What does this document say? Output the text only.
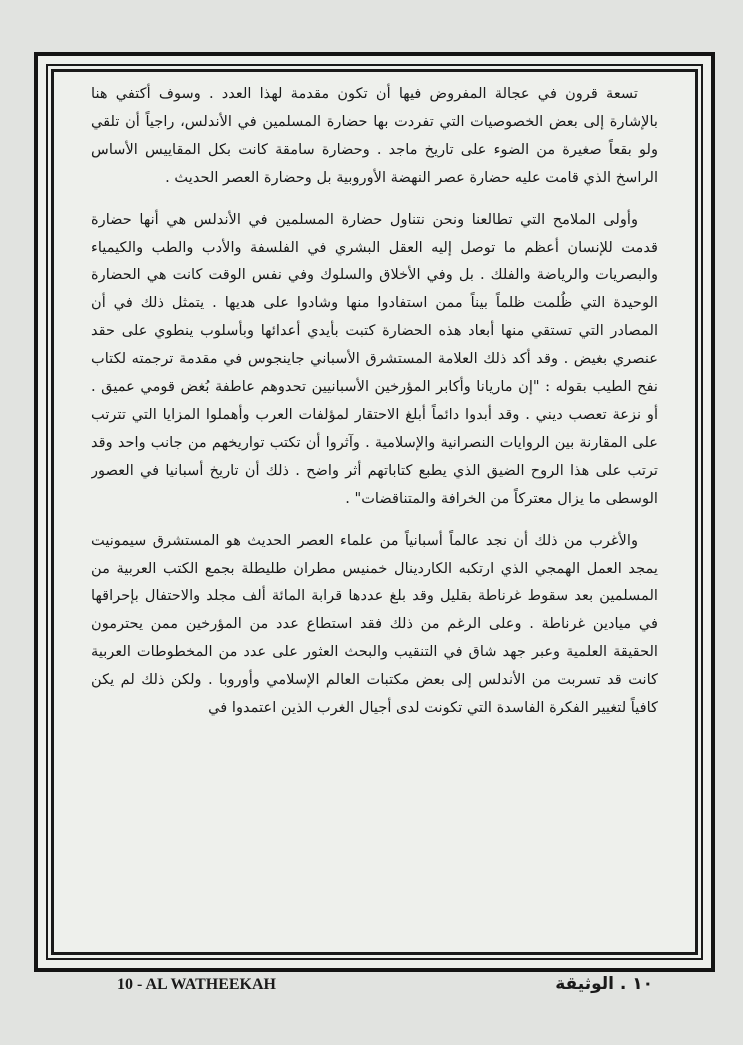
تسعة قرون في عجالة المفروض فيها أن تكون مقدمة لهذا العدد . وسوف أكتفي هنا بالإشارة إلى بعض الخصوصيات التي تفردت بها حضارة المسلمين في الأندلس، راجياً أن تلقي ولو بقعاً صغيرة من الضوء على تاريخ ماجد . وحضارة سامقة كانت بكل المقاييس الأساس الراسخ الذي قامت عليه حضارة عصر النهضة الأوروبية بل وحضارة العصر الحديث .

وأولى الملامح التي تطالعنا ونحن نتناول حضارة المسلمين في الأندلس هي أنها حضارة قدمت للإنسان أعظم ما توصل إليه العقل البشري في الفلسفة والأدب والطب والكيمياء والبصريات والرياضة والفلك . بل وفي الأخلاق والسلوك وفي نفس الوقت كانت هي الحضارة الوحيدة التي ظُلمت ظلماً بيناً ممن استفادوا منها وشادوا على هديها . يتمثل ذلك في أن المصادر التي تستقي منها أبعاد هذه الحضارة كتبت بأيدي أعدائها وبأسلوب ينطوي على حقد عنصري بغيض . وقد أكد ذلك العلامة المستشرق الأسباني جاينجوس في مقدمة ترجمته لكتاب نفح الطيب بقوله : "إن ماريانا وأكابر المؤرخين الأسبانيين تحدوهم عاطفة بُغض قومي عميق . أو نزعة تعصب ديني . وقد أبدوا دائماً أبلغ الاحتقار لمؤلفات العرب وأهملوا المزايا التي تترتب على المقارنة بين الروايات النصرانية والإسلامية . وآثروا أن تكتب تواريخهم من جانب واحد وقد ترتب على هذا الروح الضيق الذي يطبع كتاباتهم أثر واضح . ذلك أن تاريخ أسبانيا في العصور الوسطى ما يزال معتركاً من الخرافة والمتناقضات" .

والأغرب من ذلك أن نجد عالماً أسبانياً من علماء العصر الحديث هو المستشرق سيمونيت يمجد العمل الهمجي الذي ارتكبه الكاردينال خمنيس مطران طليطلة بجمع الكتب العربية من المسلمين بعد سقوط غرناطة بقليل وقد بلغ عددها قرابة المائة ألف مجلد والاحتفال بإحراقها في ميادين غرناطة . وعلى الرغم من ذلك فقد استطاع عدد من المؤرخين ممن يحترمون الحقيقة العلمية وعبر جهد شاق في التنقيب والبحث العثور على عدد من المخطوطات العربية كانت قد تسربت من الأندلس إلى بعض مكتبات العالم الإسلامي وأوروبا . ولكن ذلك لم يكن كافياً لتغيير الفكرة الفاسدة التي تكونت لدى أجيال الغرب الذين اعتمدوا في

10 - AL WATHEEKAH	١٠ . الوثيقة
